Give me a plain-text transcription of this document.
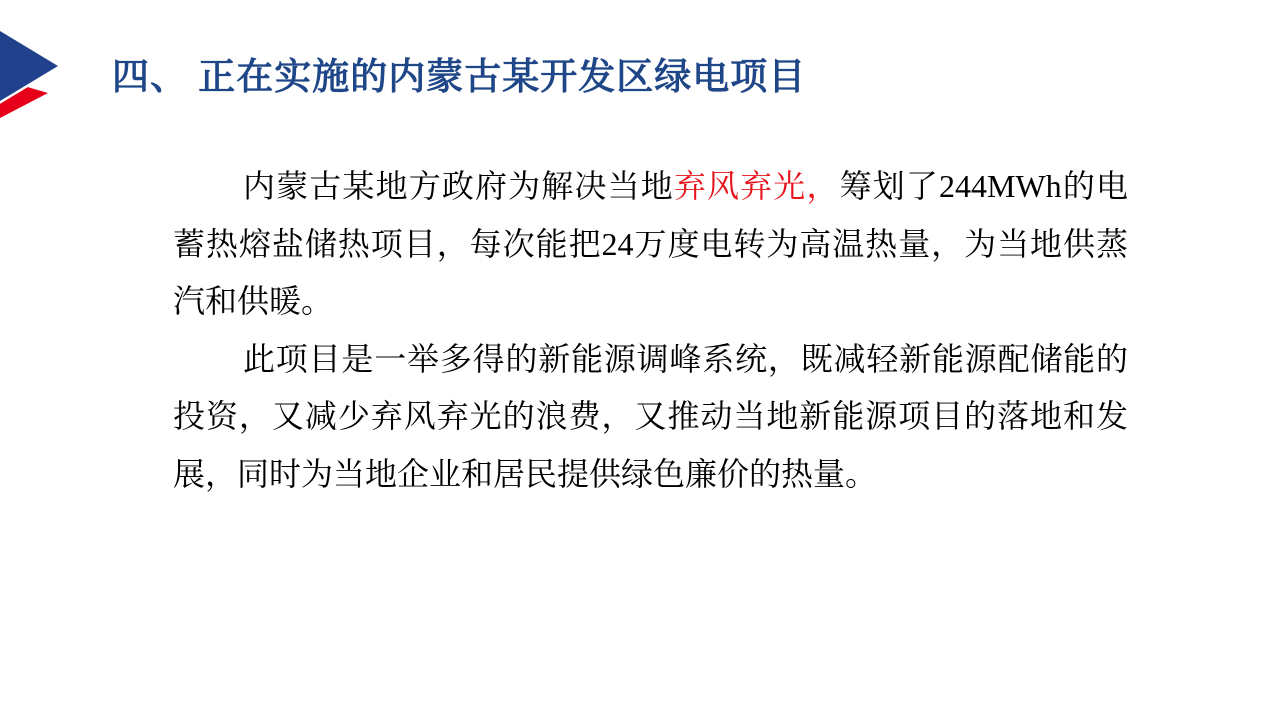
四、 正在实施的内蒙古某开发区绿电项目

内蒙古某地方政府为解决当地弃风弃光，筹划了244MWh的电蓄热熔盐储热项目，每次能把24万度电转为高温热量，为当地供蒸汽和供暖。

此项目是一举多得的新能源调峰系统，既减轻新能源配储能的投资，又减少弃风弃光的浪费，又推动当地新能源项目的落地和发展，同时为当地企业和居民提供绿色廉价的热量。
